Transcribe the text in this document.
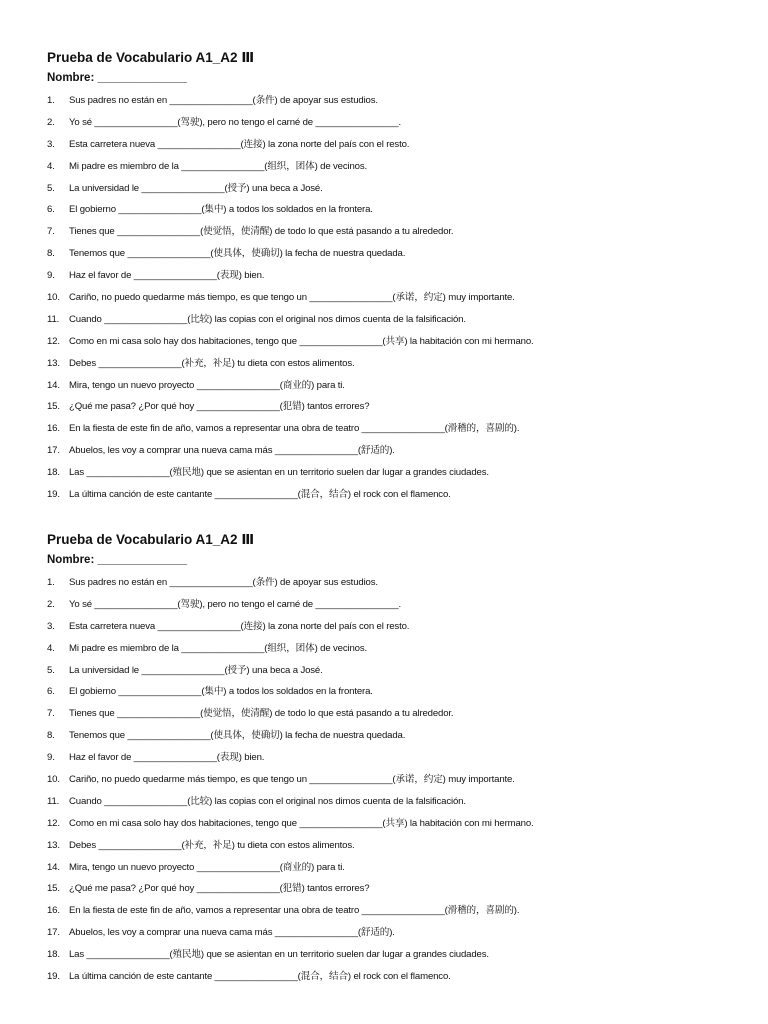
Prueba de Vocabulario A1_A2 Ⅲ
Nombre: ______________
1.	Sus padres no están en ________________(条件) de apoyar sus estudios.
2.	Yo sé ________________(驾驶), pero no tengo el carné de ________________.
3.	Esta carretera nueva ________________(连接) la zona norte del país con el resto.
4.	Mi padre es miembro de la ________________(组织，团体) de vecinos.
5.	La universidad le ________________(授予) una beca a José.
6.	El gobierno ________________(集中) a todos los soldados en la frontera.
7.	Tienes que ________________(使觉悟，使清醒) de todo lo que está pasando a tu alrededor.
8.	Tenemos que ________________(使具体，使确切) la fecha de nuestra quedada.
9.	Haz el favor de ________________(表现) bien.
10. Cariño, no puedo quedarme más tiempo, es que tengo un ________________(承诺，约定) muy importante.
11.	Cuando ________________(比较) las copias con el original nos dimos cuenta de la falsificación.
12. Como en mi casa solo hay dos habitaciones, tengo que ________________(共享) la habitación con mi hermano.
13. Debes ________________(补充，补足) tu dieta con estos alimentos.
14. Mira, tengo un nuevo proyecto ________________(商业的) para ti.
15. ¿Qué me pasa? ¿Por qué hoy ________________(犯错) tantos errores?
16. En la fiesta de este fin de año, vamos a representar una obra de teatro ________________(滑稽的，喜剧的).
17. Abuelos, les voy a comprar una nueva cama más ________________(舒适的).
18. Las ________________(殖民地) que se asientan en un territorio suelen dar lugar a grandes ciudades.
19. La última canción de este cantante ________________(混合，结合) el rock con el flamenco.
Prueba de Vocabulario A1_A2 Ⅲ
Nombre: ______________
1.	Sus padres no están en ________________(条件) de apoyar sus estudios.
2.	Yo sé ________________(驾驶), pero no tengo el carné de ________________.
3.	Esta carretera nueva ________________(连接) la zona norte del país con el resto.
4.	Mi padre es miembro de la ________________(组织，团体) de vecinos.
5.	La universidad le ________________(授予) una beca a José.
6.	El gobierno ________________(集中) a todos los soldados en la frontera.
7.	Tienes que ________________(使觉悟，使清醒) de todo lo que está pasando a tu alrededor.
8.	Tenemos que ________________(使具体，使确切) la fecha de nuestra quedada.
9.	Haz el favor de ________________(表现) bien.
10. Cariño, no puedo quedarme más tiempo, es que tengo un ________________(承诺，约定) muy importante.
11.	Cuando ________________(比较) las copias con el original nos dimos cuenta de la falsificación.
12. Como en mi casa solo hay dos habitaciones, tengo que ________________(共享) la habitación con mi hermano.
13. Debes ________________(补充，补足) tu dieta con estos alimentos.
14. Mira, tengo un nuevo proyecto ________________(商业的) para ti.
15. ¿Qué me pasa? ¿Por qué hoy ________________(犯错) tantos errores?
16. En la fiesta de este fin de año, vamos a representar una obra de teatro ________________(滑稽的，喜剧的).
17. Abuelos, les voy a comprar una nueva cama más ________________(舒适的).
18. Las ________________(殖民地) que se asientan en un territorio suelen dar lugar a grandes ciudades.
19. La última canción de este cantante ________________(混合，结合) el rock con el flamenco.
